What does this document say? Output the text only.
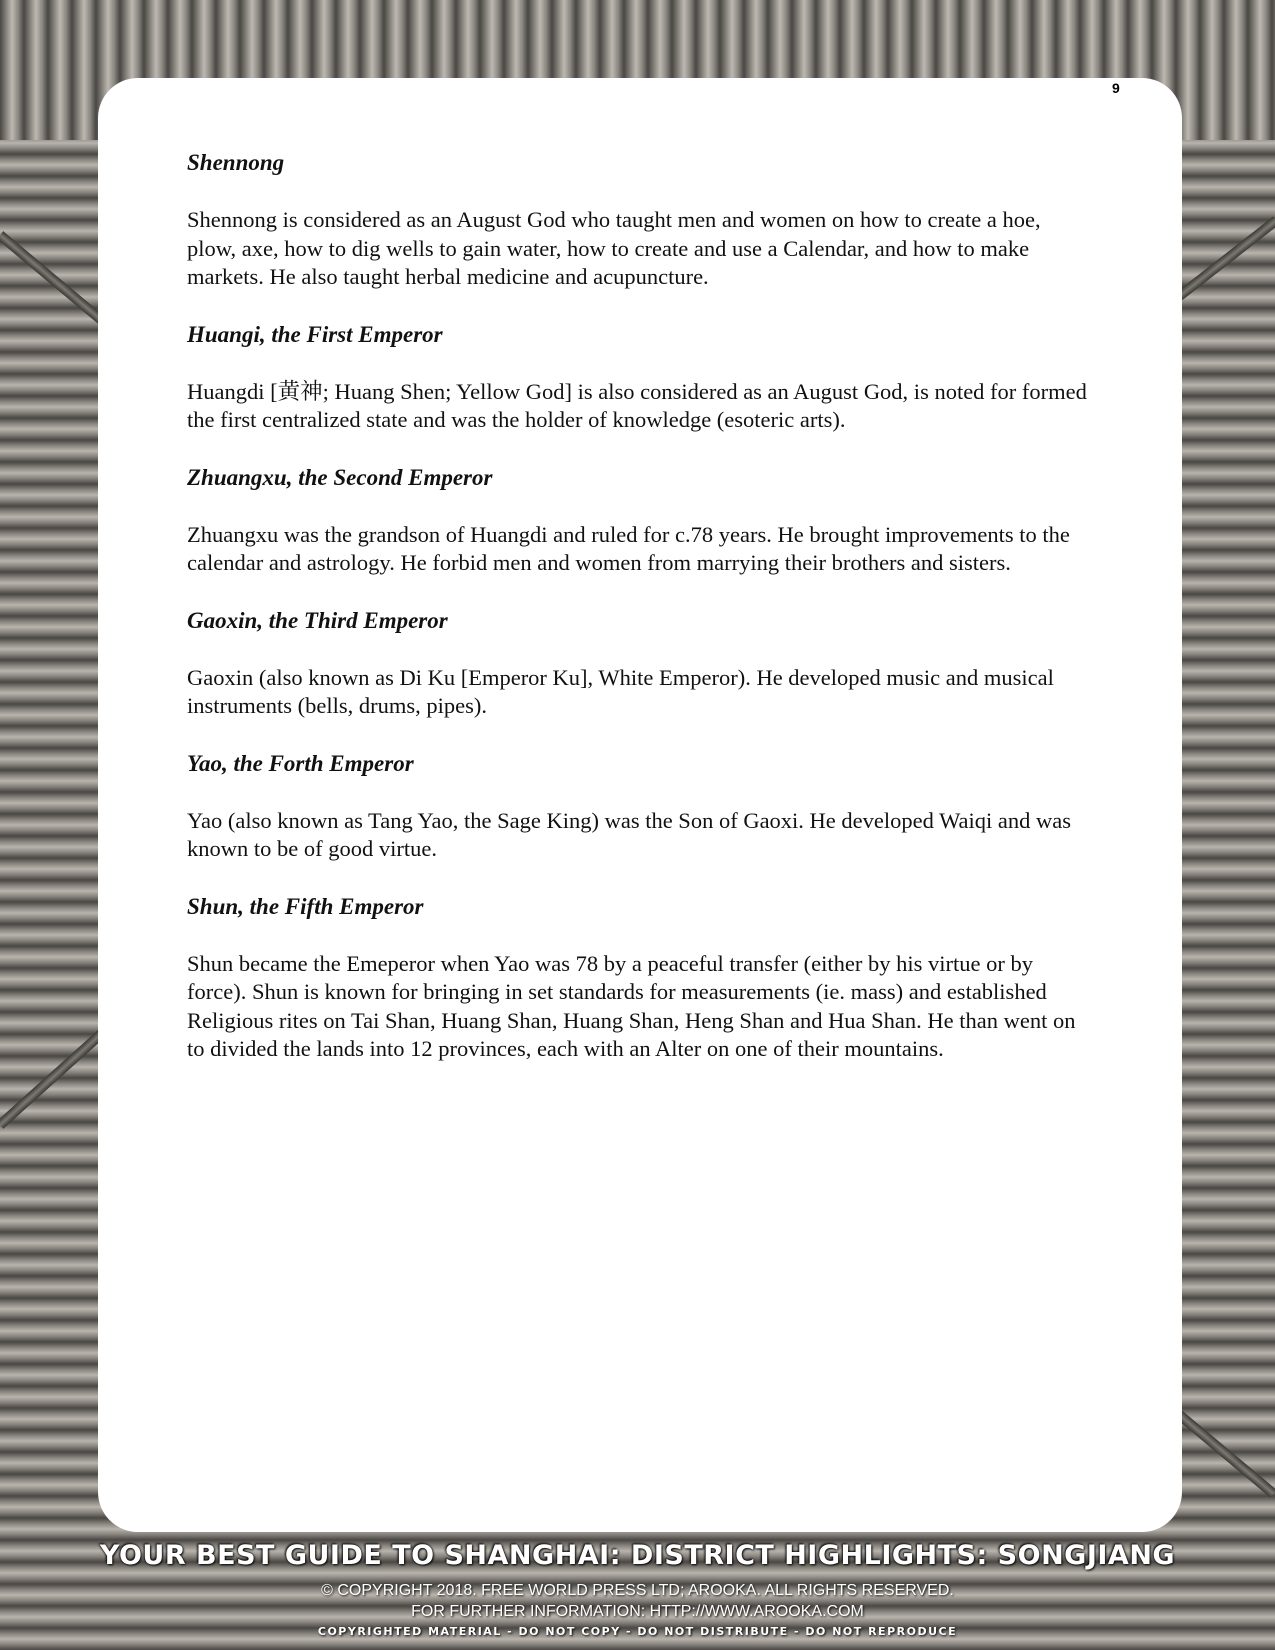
9

Shennong

Shennong is considered as an August God who taught men and women on how to create a hoe, plow, axe, how to dig wells to gain water, how to create and use a Calendar, and how to make markets. He also taught herbal medicine and acupuncture.

Huangi, the First Emperor

Huangdi [黄神; Huang Shen; Yellow God] is also considered as an August God, is noted for formed the first centralized state and was the holder of knowledge (esoteric arts).

Zhuangxu, the Second Emperor

Zhuangxu was the grandson of Huangdi and ruled for c.78 years. He brought improvements to the calendar and astrology. He forbid men and women from marrying their brothers and sisters.

Gaoxin, the Third Emperor

Gaoxin (also known as Di Ku [Emperor Ku], White Emperor). He developed music and musical instruments (bells, drums, pipes).

Yao, the Forth Emperor

Yao (also known as Tang Yao, the Sage King) was the Son of Gaoxi. He developed Waiqi and was known to be of good virtue.

Shun, the Fifth Emperor

Shun became the Emeperor when Yao was 78 by a peaceful transfer (either by his virtue or by force). Shun is known for bringing in set standards for measurements (ie. mass) and established Religious rites on Tai Shan, Huang Shan, Huang Shan, Heng Shan and Hua Shan. He than went on to divided the lands into 12 provinces, each with an Alter on one of their mountains.

YOUR BEST GUIDE TO SHANGHAI: DISTRICT HIGHLIGHTS: SONGJIANG
© COPYRIGHT 2018. FREE WORLD PRESS LTD; AROOKA. ALL RIGHTS RESERVED.
FOR FURTHER INFORMATION: HTTP://WWW.AROOKA.COM
COPYRIGHTED MATERIAL - DO NOT COPY - DO NOT DISTRIBUTE - DO NOT REPRODUCE
